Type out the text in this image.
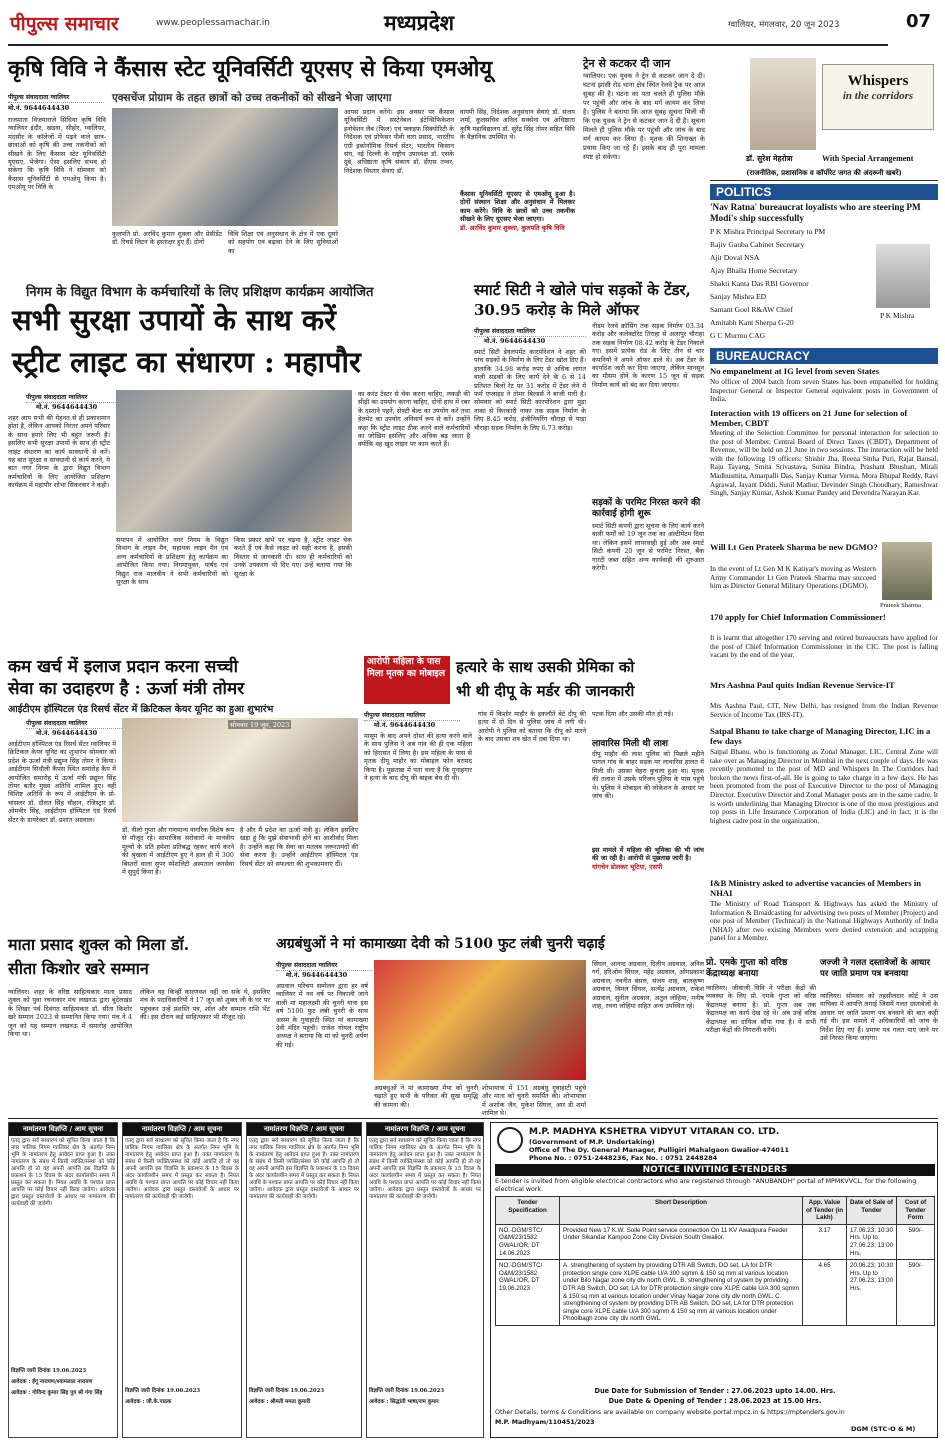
पीपुल्स समाचार	www.peoplessamachar.in	मध्यप्रदेश	ग्वालियर, मंगलवार, 20 जून 2023	07
कृषि विवि ने कैंसास स्टेट यूनिवर्सिटी यूएसए से किया एमओयू
पीपुल्स संवाददाता ग्वालियर
मो.नं. 9644644430
एक्सचेंज प्रोग्राम के तहत छात्रों को उच्च तकनीकों को सीखने भेजा जाएगा
राजमाता विजयाराजे सिंधिया कृषि विवि ग्वालियर इंदौर, खंडवा, सीहोर, ग्वालियर, मंदसौर के कॉलेजों में पढ़ने वाले छात्र-छात्राओं को कृषि की उच्च तकनीकों को सीखने के लिए कैंसास स्टेट यूनिवर्सिटी यूएसए, भेजेगा। ऐसा इसलिए संभव हो सकेगा कि कृषि विवि ने सोमवार को कैंसास यूनिवर्सिटी से एमओयू किया है। एमओयू पर विवि के
कुलपति प्रो. अरविंद कुमार शुक्ला और प्रेसीडेंट डॉ. रिचर्ड लिटन के हस्ताक्षर हुए हैं। दोनों
विवि शिक्षा एवं अनुसंधान के क्षेत्र में एक दूसरे को सहयोग एवं बढ़ावा देने के लिए सुविधाओं का
आपस प्रदान करेंगे। इस अवसर पर कैंसास यूनिवर्सिटी में सस्टेनेबल इंटेन्सिफिकेशन इनोवेशन लैब (फिल) एवं फ्लाइफ सिक्योरिटी के निदेशक एवं प्रोफेसर पीवी वारा प्रसाद, भारतीय एग्री इकोनॉमिक रिसर्च सेंटर, भारतीय किसान संघ, नई दिल्ली के राष्ट्रीय उपाध्यक्ष डॉ. एसके दुबे, अधिष्ठाता कृषि संकाय डॉ. डीएस तन्वर, निदेशक विस्तार सेवाएं डॉ.
वायपी सिंह, निदेशक अनुसंधान सेवाएं डॉ. संजय शर्मा, कुलसचिव अनिल सक्सेना एवं अधिष्ठाता कृषि महाविद्यालय डॉ. सुरेंद्र सिंह तोमर सहित विवि के वैज्ञानिक उपस्थित थे।
कैंसास यूनिवर्सिटी यूएसए से एमओयू हुआ है। दोनों संस्थान शिक्षा और अनुसंधान में मिलकर काम करेंगे। विवि के छात्रों को उच्च तकनीक सीखने के लिए यूएसए भेजा जाएगा।
डॉ. अरविंद कुमार शुक्ला, कुलपति कृषि विवि
ट्रेन से कटकर दी जान
ग्वालियर। एक युवक ने ट्रेन से कटकर जान दे दी। घटना झांसी रोड थाना क्षेत्र स्थित रेलवे ट्रैक पर आज सुबह की है। घटना का पता चलते ही पुलिस मौके पर पहुंची और जांच के बाद मर्ग कायम कर लिया है। पुलिस ने बताया कि आज सुबह सूचना मिली थी कि एक युवक ने ट्रेन से कटकर जान दे दी है। सूचना मिलते ही पुलिस मौके पर पहुंची और जांच के बाद मर्ग कायम कर लिया है। मृतक की शिनाख्त के प्रयास किए जा रहे हैं। इसके बाद ही पूरा मामला स्पष्ट हो सकेगा।
Whispers
in the corridors
डॉ. सुरेश मेहरोत्रा	With Special Arrangement
(राजनीतिक, प्रशासनिक व कॉर्पोरेट जगत की अंदरूनी खबरें)
POLITICS
'Nav Ratna' bureaucrat loyalists who are steering PM Modi's ship successfully
P K Mishra Principal Secretary to PM
Rajiv Gauba Cabinet Secretary
Ajit Doval NSA
Ajay Bhalla Home Secretary
Shakti Kanta Das RBI Governor
Sanjay Mishra ED
Samant Goel R&AW Chief
Amitabh Kant Sherpa G-20
G C Murmu CAG
P K Mishra
BUREAUCRACY
No empanelment at IG level from seven States
No officer of 2004 batch from seven States has been empanelled for holding Inspector General or Inspector General equivalent posts in Government of India.
Interaction with 19 officers on 21 June for selection of Member, CBDT
Meeting of the Selection Committee for personal interaction for selection to the post of Member, Central Board of Direct Taxes (CBDT), Department of Revenue, will be held on 21 June in two sessions. The interaction will be held with the following 19 officers: Shishir Jha, Reena Sinha Puri, Rajat Bansal, Raju Tayang, Smita Srivastava, Sunita Bindra, Prashant Bhushan, Mitali Madhusmita, Amarpalli Das, Sanjay Kumar Verma, Mora Bhupal Reddy, Ravi Agrawal, Jayant Diddi, Sunil Mathur, Devinder Singh Choudhary, Rameshwar Singh, Sanjay Kumar, Ashok Kumar Pandey and Devendra Narayan Kar.
Will Lt Gen Prateek Sharma be new DGMO?
In the event of Lt Gen M K Katiyar's moving as Western Army Commander Lt Gen Prateek Sharma may succeed him as Director General Military Operations (DGMO).
Prateek Sharma
170 apply for Chief Information Commissioner!
It is learnt that altogether 170 serving and retired bureaucrats have applied for the post of Chief Information Commissioner in the CIC. The post is falling vacant by the end of the year.
Mrs Aashna Paul quits Indian Revenue Service-IT
Mrs Aashna Paul, CIT, New Delhi, has resigned from the Indian Revenue Service of Income Tax (IRS-IT).
Satpal Bhanu to take charge of Managing Director, LIC in a few days
Satpal Bhanu, who is functioning as Zonal Manager, LIC, Central Zone will take over as Managing Director in Mumbai in the next couple of days. He was recently promoted to the post of MD and Whispers In The Corridors had broken the news first-of-all. He is going to take charge in a few days. He has been promoted from the post of Executive Director to the post of Managing Director. Executive Director and Zonal Manager posts are in the same cadre. It is worth underlining that Managing Director is one of the most prestigious and top posts in Life Insurance Corporation of India (LIC) and in fact, it is the highest cadre post in the organization.
I&B Ministry asked to advertise vacancies of Members in NHAI
The Ministry of Road Transport & Highways has asked the Ministry of Information & Broadcasting for advertising two posts of Member (Project) and one post of Member (Technical) in the National Highways Authority of India (NHAI) after two existing Members were denied extension and scrapping panel for a Member.
निगम के विद्युत विभाग के कर्मचारियों के लिए प्रशिक्षण कार्यक्रम आयोजित
सभी सुरक्षा उपायों के साथ करें
स्ट्रीट लाइट का संधारण : महापौर
पीपुल्स संवाददाता ग्वालियर
मो.नं. 9644644430
शहर आप सभी की मेहनत से ही प्रकाशमान होता है, लेकिन आपको निरंतर अपने परिवार के साथ हमारे लिए भी बहुत जरूरी है। इसलिए सभी सुरक्षा उपायों के साथ ही स्ट्रीट लाइट संधारण का कार्य सावधानी से करें। यह बात सुरक्षा व सावधानी से कार्य करने, ये बात नगर निगम के द्वारा विद्युत विभाग कर्मचारियों के लिए आयोजित प्रशिक्षण कार्यक्रम में महापौर शोभा सिकरवार ने कही।
समापन में आयोजित नगर निगम के विद्युत विभाग के लाइन मैन, सहायक लाइन मैन एवं अन्य कर्मचारियों के प्रशिक्षण हेतु कार्यक्रम का आयोजित किया गया। निगमायुक्त, पार्षद एवं विद्युत राज मालवीय ने सभी कर्मचारियों को सुरक्षा के साथ
किस प्रकार खंभे पर चढ़ना है, स्ट्रीट लाइट चेक करते हैं एवं कैसे लाइट को सही करना है, इसकी विस्तार से जानकारी दी। साथ ही कर्मचारियों को उनके उपकरण भी दिए गए। उन्हें बताया गया कि सुरक्षा के
का करंट टेस्टर से चेक करना चाहिए, लकड़ी की सीढ़ी का उपयोग करना चाहिए, दोनों हाथ में रबर के दस्ताने पहनें, सेफ्टी बेल्ट का उपयोग करें तथा हेलमेट का उपयोग अनिवार्य रूप से करें। उन्होंने कहा कि स्ट्रीट लाइट ठीक करने वाले कर्मचारियों का जोखिम इसलिए और अधिक बढ़ जाता है क्योंकि वह खुद लाइन पर काम करते हैं।
स्मार्ट सिटी ने खोले पांच सड़कों के टेंडर, 30.95 करोड़ के मिले ऑफर
पीपुल्स संवाददाता ग्वालियर
मो.नं. 9644644430
स्मार्ट सिटी डेवलपमेंट कारपोरेशन ने शहर की पांच सड़कों के निर्माण के लिए टेंडर खोल दिए हैं। हालांकि 34.98 करोड़ रुपए से अधिक लागत वाली सड़कों के लिए कार्य देने के 6 से 14 प्रतिशत बिलो रेट पर 31 करोड़ में टेंडर लेने में फर्म एप्लाइड ने तोमर बिल्डर्स ने बाजी मारी है। सोमवार को स्मार्ट सिटी कारपोरेशन द्वारा मुड़ा नाका से किरकारी नाका तक सड़क निर्माण के लिए 8.45 करोड़, इंजीनियरिंग चौराहा से पाड़ा चौराहा सड़क निर्माण के लिए 6.73 करोड़।
नीडम रेलवे क्रॉसिंग तक सड़क निर्माण 03.34 करोड़ और कलेक्टोरेट तिराहा से अलापुर चौराहा तक सड़क निर्माण 08.42 करोड़ के टेंडर निकाले गए। इसमें प्रत्येक रोड के लिए तीन से चार कंपनियों ने अपने ऑफर डाले थे। अब टेंडर के कार्यादेश जारी कर दिया जाएगा, लेकिन मानसून का मौसम होने के कारण 15 जून से सड़क निर्माण कार्य को बंद कर दिया जाएगा।
सड़कों के परमिट निरस्त करने की कार्रवाई होगी शुरू
स्मार्ट सिटी कंपनी द्वारा सूचना के लिए कार्य करने वाली फर्मों को 19 जून तक का अल्टीमेटम दिया था। लेकिन इसमें लापरवाही हुई और अब स्मार्ट सिटी कंपनी 20 जून से परमिट निरस्त, बैंक गारंटी जब्त सहित अन्य कार्यवाही की शुरुआत करेगी।
कम खर्च में इलाज प्रदान करना सच्ची
सेवा का उदाहरण है : ऊर्जा मंत्री तोमर
आईटीएम हॉस्पिटल एंड रिसर्च सेंटर में क्रिटिकल केयर यूनिट का हुआ शुभारंभ
पीपुल्स संवाददाता ग्वालियर
मो.नं. 9644644430
आईटीएम हॉस्पिटल एंड रिसर्च सेंटर ग्वालियर में क्रिटिकल केयर यूनिट का शुभारंभ सोमवार को प्रदेश के ऊर्जा मंत्री प्रद्युम्न सिंह तोमर ने किया। आईटीएम सिथौली कैंपस स्थित समारोह कैंप में आयोजित समारोह में ऊर्जा मंत्री प्रद्युम्न सिंह तोमर बतौर मुख्य अतिथि शामिल हुए। वहीं विशिष्ट अतिथि के रूप में आईटीएम के प्रो-चांसलर डॉ. दौलत सिंह चौहान, रजिस्ट्रार डॉ. ओमवीर सिंह, आईटीएम हॉस्पिटल एंड रिसर्च सेंटर के डायरेक्टर डॉ. प्रशांत अग्रवाल।
सोमवार 19 जून, 2023
डॉ. नीलो गुप्ता और गणमान्य नागरिक विशेष रूप से मौजूद रहे। सामाजिक सरोकारों के मानवीय मूल्यों के प्रति हमेशा प्रतिबद्ध रहकर कार्य करने की श्रृंखला में आईटीएम हुए ने हाल ही में 300 बिस्तरों वाला सुपर स्पेशलिटी अस्पताल जनसेवा में सुपुर्द किया है।
है और मैं प्रदेश का ऊर्जा मंत्री हूं। लेकिन इसलिए खड़ा हूं कि मुझे सेवाभावी होने का आशीर्वाद मिला है। उन्होंने कहा कि सेवा का मतलब जरूरतमंदों की सेवा करना है। उन्होंने आईटीएम हॉस्पिटल एंड रिसर्च सेंटर को सफलता की शुभकामनाएं दीं।
आरोपी महिला के पास मिला मृतक का मोबाइल हत्यारे के साथ उसकी प्रेमिका को
भी थी दीपू के मर्डर की जानकारी
पीपुल्स संवाददाता ग्वालियर
मो.नं. 9644644430
मासूम के बाद अपने दोस्त की हत्या करने वाले के साथ पुलिस ने अब गांव की ही एक महिला को हिरासत में लिया है। इस महिला के पास से मृतक दीपू माहौर का मोबाइल फोन बरामद किया है। पूछताछ में पता चला है कि गुनाहगार ने हत्या के बाद दीपू की बाइक बेच दी थी।
गांव में किशोर माहौर के इकलौते बेटे दीपू की हत्या में दो दिन से पुलिस जांच में लगी थी। आरोपी ने पुलिस को बताया कि दीपू को मारने के बाद उसका शव खेत में दबा दिया था।
पटक दिया और उसकी मौत हो गई।
लावारिस मिली थी लाश
दीपू माहौर की लाश पुलिस को पिछले महीने पागल गांव के बाहर सड़क पर लावारिस हालत में मिली थी। उसका चेहरा कुचला हुआ था। मृतक की तलाश में उसके परिजन पुलिस के पास पहुंचे थे। पुलिस ने मोबाइल की लोकेशन के आधार पर जांच की।
इस मामले में महिला की भूमिका की भी जांच की जा रही है। आरोपी से पूछताछ जारी है।
यांगचेन डोलकर भूटिया, एसपी
माता प्रसाद शुक्ल को मिला डॉ.
सीता किशोर खरे सम्मान
ग्वालियर। शहर के वरिष्ठ साहित्यकार माता प्रसाद शुक्ल को युवा रचनाकार मंच लखनऊ द्वारा बुंदेलखंड के शिखर पर्व दिवंगत साहित्यकार डॉ. सीता किशोर खरे सम्मान 2023 से सम्मानित किया गया। मंच ने 4 जून को यह सम्मान लखनऊ में समारोह आयोजित किया था।
लेकिन वह किन्हीं कारणवश नहीं जा सके थे, इसलिए मंच के पदाधिकारियों ने 17 जून को शुक्ल जी के घर पर पहुंचकर उन्हें प्रशस्ति पत्र, शॉल और सम्मान राशि भेंट की। इस दौरान कई साहित्यकार भी मौजूद रहे।
अग्रबंधुओं ने मां कामाख्या देवी को 5100 फुट लंबी चुनरी चढ़ाई
पीपुल्स संवाददाता ग्वालियर
मो.नं. 9644644430
अग्रवाल परिचय सम्मेलन द्वारा हर वर्ष ग्वालियर में नव वर्ष पर निकाली जाने वाली मां महालक्ष्मी की चुनरी यात्रा इस वर्ष 5100 फुट लंबी चुनरी के साथ असम के गुवाहाटी स्थित मां कामाख्या देवी मंदिर पहुंची। राजेश गोयल राष्ट्रीय अध्यक्ष ने बताया कि मां को चुनरी अर्पण की गई।
अग्रबंधुओं ने मां कामाख्या मैया को चुनरी चढ़ाते हुए सभी के परिवार की सुख समृद्धि की कामना की।
शोभायात्रा में 151 अग्रबंधु गुवाहाटी पहुंचे और माता को चुनरी समर्पित की। शोभायात्रा में अशोक जैन, मुकेश सिंघल, आर डी शर्मा शामिल थे।
सिंघल, आनन्द अग्रवाल, दिलीप अग्रवाल, अनिल गर्ग, हरिओम सिंघल, महेंद्र अग्रवाल, ओमप्रकाश अग्रवाल, नवनीत बंसल, संजय शाह, बालकृष्ण अग्रवाल, विमल सिंघल, सत्येंद्र अग्रवाल, राकेश अग्रवाल, सुनील अग्रवाल, अतुल लोहिया, मनीष शाह, रचना लोहिया सहित अन्य उपस्थित रहे।
प्रो. एमके गुप्ता को वरिष्ठ केंद्राध्यक्ष बनाया
ग्वालियर। जीवाजी विवि ने परीक्षा केंद्रों की व्यवस्था के लिए प्रो. एमके गुप्ता को वरिष्ठ केंद्राध्यक्ष बनाया है। प्रो. गुप्ता अब तक केंद्राध्यक्ष का कार्य देख रहे थे। अब उन्हें वरिष्ठ केंद्राध्यक्ष का दायित्व सौंपा गया है। वे सभी परीक्षा केंद्रों की निगरानी करेंगे।
जज्जी ने गलत दस्तावेजों के आधार पर जाति प्रमाण पत्र बनवाया
ग्वालियर। सोमवार को तहसीलदार कोर्ट ने उस याचिका में आपत्ति लगाई जिसमें गलत दस्तावेजों के आधार पर जाति प्रमाण पत्र बनवाने की बात कही गई थी। इस मामले में अधिकारियों को जांच के निर्देश दिए गए हैं। प्रमाण पत्र गलत पाए जाने पर उसे निरस्त किया जाएगा।
नामांतरण विज्ञप्ति / आम सूचना
एतद् द्वारा सर्व साधारण को सूचित किया जाता है कि नगर पालिक निगम ग्वालियर क्षेत्र के अंतर्गत निम्न भूमि के नामांतरण हेतु आवेदन प्राप्त हुआ है। उक्त नामांतरण के संबंध में किसी व्यक्ति/संस्था को कोई आपत्ति हो तो वह अपनी आपत्ति इस विज्ञप्ति के प्रकाशन के 15 दिवस के अंदर कार्यालयीन समय में प्रस्तुत कर सकता है। नियत अवधि के पश्चात प्राप्त आपत्ति पर कोई विचार नहीं किया जावेगा। आवेदक द्वारा प्रस्तुत दस्तावेजों के आधार पर नामांतरण की कार्यवाही की जावेगी।
विज्ञप्ति जारी दिनांक 19.06.2023
आवेदक : ईंगू नारायण/श्यामलाल नारायण
आवेदक : गोविन्द कुमार सिंह पुत्र श्री गंगा सिंह
नामांतरण विज्ञप्ति / आम सूचना
एतद् द्वारा सर्व साधारण को सूचित किया जाता है कि नगर पालिक निगम ग्वालियर क्षेत्र के अंतर्गत निम्न भूमि के नामांतरण हेतु आवेदन प्राप्त हुआ है। उक्त नामांतरण के संबंध में किसी व्यक्ति/संस्था को कोई आपत्ति हो तो वह अपनी आपत्ति इस विज्ञप्ति के प्रकाशन के 15 दिवस के अंदर कार्यालयीन समय में प्रस्तुत कर सकता है। नियत अवधि के पश्चात प्राप्त आपत्ति पर कोई विचार नहीं किया जावेगा। आवेदक द्वारा प्रस्तुत दस्तावेजों के आधार पर नामांतरण की कार्यवाही की जावेगी।
विज्ञप्ति जारी दिनांक 19.06.2023
आवेदक : जी.के.पाठक
नामांतरण विज्ञप्ति / आम सूचना
एतद् द्वारा सर्व साधारण को सूचित किया जाता है कि नगर पालिक निगम ग्वालियर क्षेत्र के अंतर्गत निम्न भूमि के नामांतरण हेतु आवेदन प्राप्त हुआ है। उक्त नामांतरण के संबंध में किसी व्यक्ति/संस्था को कोई आपत्ति हो तो वह अपनी आपत्ति इस विज्ञप्ति के प्रकाशन के 15 दिवस के अंदर कार्यालयीन समय में प्रस्तुत कर सकता है। नियत अवधि के पश्चात प्राप्त आपत्ति पर कोई विचार नहीं किया जावेगा। आवेदक द्वारा प्रस्तुत दस्तावेजों के आधार पर नामांतरण की कार्यवाही की जावेगी।
विज्ञप्ति जारी दिनांक 19.06.2023
आवेदक : श्रीमती ममता कुमारी
नामांतरण विज्ञप्ति / आम सूचना
एतद् द्वारा सर्व साधारण को सूचित किया जाता है कि नगर पालिक निगम ग्वालियर क्षेत्र के अंतर्गत निम्न भूमि के नामांतरण हेतु आवेदन प्राप्त हुआ है। उक्त नामांतरण के संबंध में किसी व्यक्ति/संस्था को कोई आपत्ति हो तो वह अपनी आपत्ति इस विज्ञप्ति के प्रकाशन के 15 दिवस के अंदर कार्यालयीन समय में प्रस्तुत कर सकता है। नियत अवधि के पश्चात प्राप्त आपत्ति पर कोई विचार नहीं किया जावेगा। आवेदक द्वारा प्रस्तुत दस्तावेजों के आधार पर नामांतरण की कार्यवाही की जावेगी।
विज्ञप्ति जारी दिनांक 19.06.2023
आवेदक : सिद्धांती भाषा/राम कुमार
M.P. MADHYA KSHETRA VIDYUT VITARAN CO. LTD.
(Government of M.P. Undertaking)
Office of The Dy. General Manager, Pulligiri Mahalgaon Gwalior-474011
Phone No. : 0751-2448236, Fax No. : 0751 2448284
NOTICE INVITING E-TENDERS
E-tender is invited from eligible electrical contractors who are registered through "ANUBANDH" portal of MPMKVVCL, for the following electrical work.
Tender Specification	Short Description	App. Value of Tender (in Lakh)	Date of Sale of Tender	Cost of Tender Form
NO.-DGM/STC/ O&M/23/1582 GWALIOR, DT 14.06.2023	Provided New 17 K.W. Solle Point service connection On 11 KV Awadpura Feeder Under Sikandar Kampoo Zone City Division South Gwalior.	3.17	17.06.23; 10:30 Hrs. Up to 27.06.23; 13:00 Hrs.	590/-
NO.-DGM/STC/ O&M/23/1582 GWALIOR, DT 19.06.2023	A. strengthening of system by providing DTR AB Switch, DO set, LA for DTR protection single core XLPE cable U/A 300 sqmm & 150 sq mm at various location under Bilo Nagar zone city dlv north GWL. B. strengthening of system by providing DTR AB Switch, DO set, LA for DTR protection single core XLPE cable U/A 300 sqmm & 150 sq mm at various location under Vinay Nagar zone city dlv north GWL. C. strengthening of system by providing DTR AB Switch, DO set, LA for DTR protection single core XLPE cable U/A 300 sqmm & 150 sq mm at various location under Phoolbagh zone city dlv north GWL.	4.65	20.06.23; 10:30 Hrs. Up to 27.06.23; 13:00 Hrs.	590/-
Due Date for Submission of Tender : 27.06.2023 upto 14.00. Hrs.
Due Date & Opening of Tender : 28.06.2023 at 15.00 Hrs.
Other Details, terms & Conditions are available on company website portal.mpcz.in & https://mptenders.gov.in
M.P. Madhyam/110451/2023
DGM (STC-O & M)
